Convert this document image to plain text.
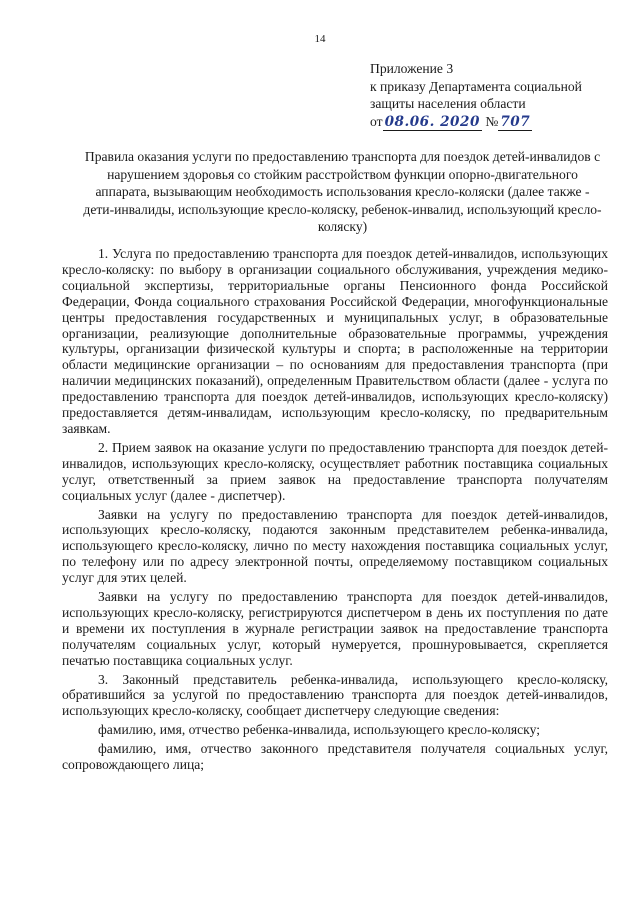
14
Приложение 3
к приказу Департамента социальной
защиты населения области
от 08.06. 2020 № 707
Правила оказания услуги по предоставлению транспорта для поездок детей-инвалидов с нарушением здоровья со стойким расстройством функции опорно-двигательного аппарата, вызывающим необходимость использования кресло-коляски (далее также - дети-инвалиды, использующие кресло-коляску, ребенок-инвалид, использующий кресло-коляску)

1. Услуга по предоставлению транспорта для поездок детей-инвалидов, использующих кресло-коляску: по выбору в организации социального обслуживания, учреждения медико-социальной экспертизы, территориальные органы Пенсионного фонда Российской Федерации, Фонда социального страхования Российской Федерации, многофункциональные центры предоставления государственных и муниципальных услуг, в образовательные организации, реализующие дополнительные образовательные программы, учреждения культуры, организации физической культуры и спорта; в расположенные на территории области медицинские организации – по основаниям для предоставления транспорта (при наличии медицинских показаний), определенным Правительством области (далее - услуга по предоставлению транспорта для поездок детей-инвалидов, использующих кресло-коляску) предоставляется детям-инвалидам, использующим кресло-коляску, по предварительным заявкам.

2. Прием заявок на оказание услуги по предоставлению транспорта для поездок детей-инвалидов, использующих кресло-коляску, осуществляет работник поставщика социальных услуг, ответственный за прием заявок на предоставление транспорта получателям социальных услуг (далее - диспетчер).

Заявки на услугу по предоставлению транспорта для поездок детей-инвалидов, использующих кресло-коляску, подаются законным представителем ребенка-инвалида, использующего кресло-коляску, лично по месту нахождения поставщика социальных услуг, по телефону или по адресу электронной почты, определяемому поставщиком социальных услуг для этих целей.

Заявки на услугу по предоставлению транспорта для поездок детей-инвалидов, использующих кресло-коляску, регистрируются диспетчером в день их поступления по дате и времени их поступления в журнале регистрации заявок на предоставление транспорта получателям социальных услуг, который нумеруется, прошнуровывается, скрепляется печатью поставщика социальных услуг.

3. Законный представитель ребенка-инвалида, использующего кресло-коляску, обратившийся за услугой по предоставлению транспорта для поездок детей-инвалидов, использующих кресло-коляску, сообщает диспетчеру следующие сведения:

фамилию, имя, отчество ребенка-инвалида, использующего кресло-коляску;

фамилию, имя, отчество законного представителя получателя социальных услуг, сопровождающего лица;
